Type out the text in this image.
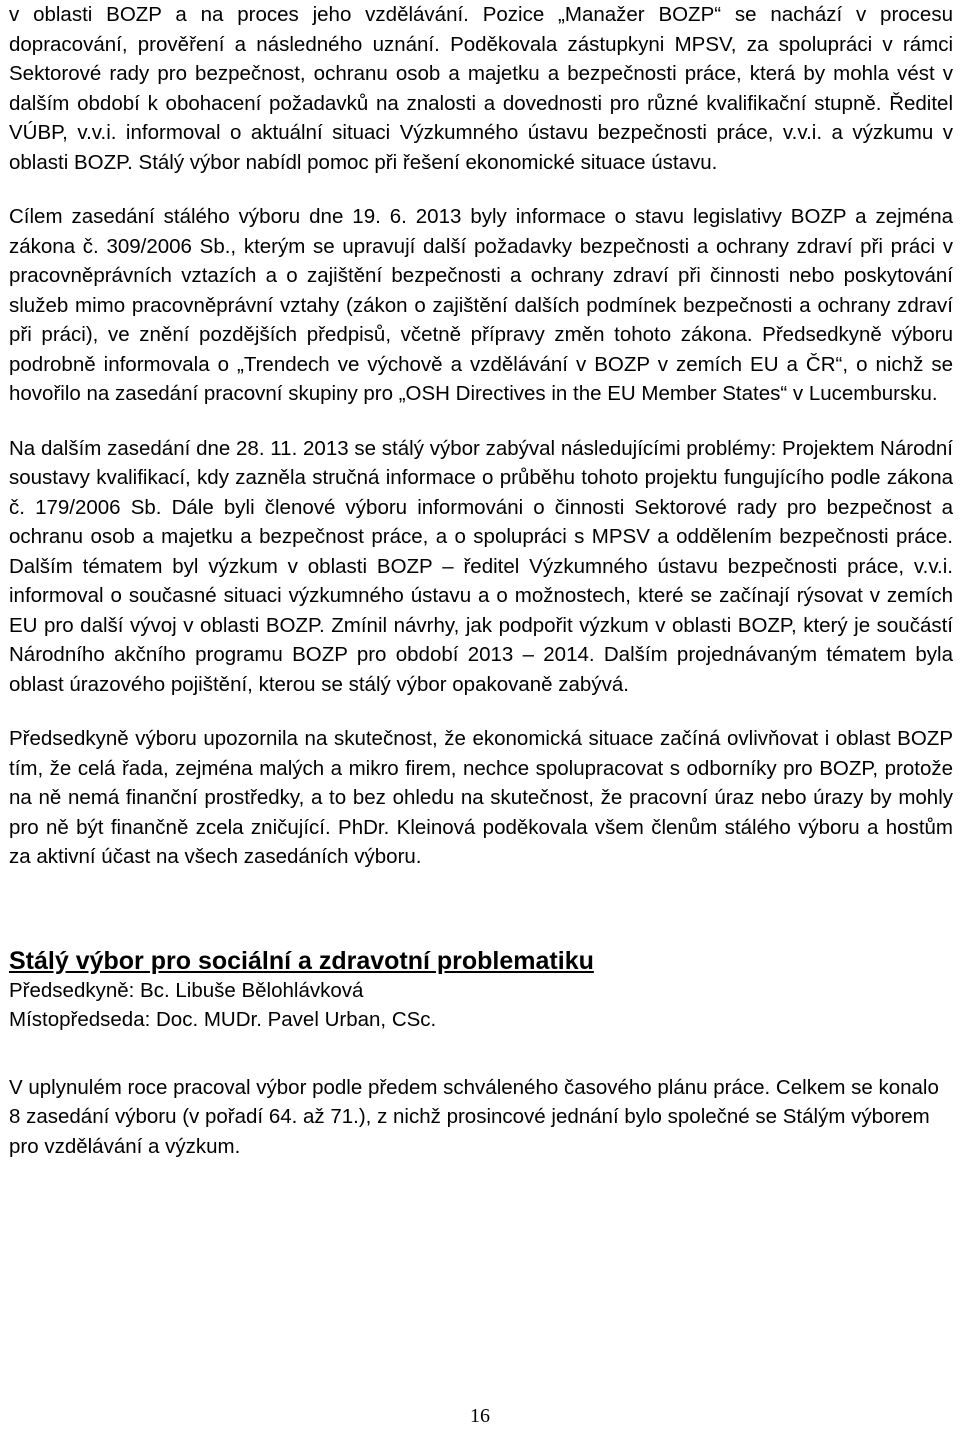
v oblasti BOZP a na proces jeho vzdělávání. Pozice „Manažer BOZP“ se nachází v procesu dopracování, prověření a následného uznání. Poděkovala zástupkyni MPSV, za spolupráci v rámci Sektorové rady pro bezpečnost, ochranu osob a majetku a bezpečnosti práce, která by mohla vést v dalším období k obohacení požadavků na znalosti a dovednosti pro různé kvalifikační stupně. Ředitel VÚBP, v.v.i. informoval o aktuální situaci Výzkumného ústavu bezpečnosti práce, v.v.i. a výzkumu v oblasti BOZP. Stálý výbor nabídl pomoc při řešení ekonomické situace ústavu.

Cílem zasedání stálého výboru dne 19. 6. 2013 byly informace o stavu legislativy BOZP a zejména zákona č. 309/2006 Sb., kterým se upravují další požadavky bezpečnosti a ochrany zdraví při práci v pracovněprávních vztazích a o zajištění bezpečnosti a ochrany zdraví při činnosti nebo poskytování služeb mimo pracovněprávní vztahy (zákon o zajištění dalších podmínek bezpečnosti a ochrany zdraví při práci), ve znění pozdějších předpisů, včetně přípravy změn tohoto zákona. Předsedkyně výboru podrobně informovala o „Trendech ve výchově a vzdělávání v BOZP v zemích EU a ČR“, o nichž se hovořilo na zasedání pracovní skupiny pro „OSH Directives in the EU Member States“ v Lucembursku.

Na dalším zasedání dne 28. 11. 2013 se stálý výbor zabýval následujícími problémy: Projektem Národní soustavy kvalifikací, kdy zazněla stručná informace o průběhu tohoto projektu fungujícího podle zákona č. 179/2006 Sb. Dále byli členové výboru informováni o činnosti Sektorové rady pro bezpečnost a ochranu osob a majetku a bezpečnost práce, a o spolupráci s MPSV a oddělením bezpečnosti práce. Dalším tématem byl výzkum v oblasti BOZP – ředitel Výzkumného ústavu bezpečnosti práce, v.v.i. informoval o současné situaci výzkumného ústavu a o možnostech, které se začínají rýsovat v zemích EU pro další vývoj v oblasti BOZP. Zmínil návrhy, jak podpořit výzkum v oblasti BOZP, který je součástí Národního akčního programu BOZP pro období 2013 – 2014. Dalším projednávaným tématem byla oblast úrazového pojištění, kterou se stálý výbor opakovaně zabývá.

Předsedkyně výboru upozornila na skutečnost, že ekonomická situace začíná ovlivňovat i oblast BOZP tím, že celá řada, zejména malých a mikro firem, nechce spolupracovat s odborníky pro BOZP, protože na ně nemá finanční prostředky, a to bez ohledu na skutečnost, že pracovní úraz nebo úrazy by mohly pro ně být finančně zcela zničující. PhDr. Kleinová poděkovala všem členům stálého výboru a hostům za aktivní účast na všech zasedáních výboru.

Stálý výbor pro sociální a zdravotní problematiku

Předsedkyně: Bc. Libuše Bělohlávková

Místopředseda: Doc. MUDr. Pavel Urban, CSc.

V uplynulém roce pracoval výbor podle předem schváleného časového plánu práce. Celkem se konalo 8 zasedání výboru (v pořadí 64. až 71.), z nichž prosincové jednání bylo společné se Stálým výborem pro vzdělávání a výzkum.

16
